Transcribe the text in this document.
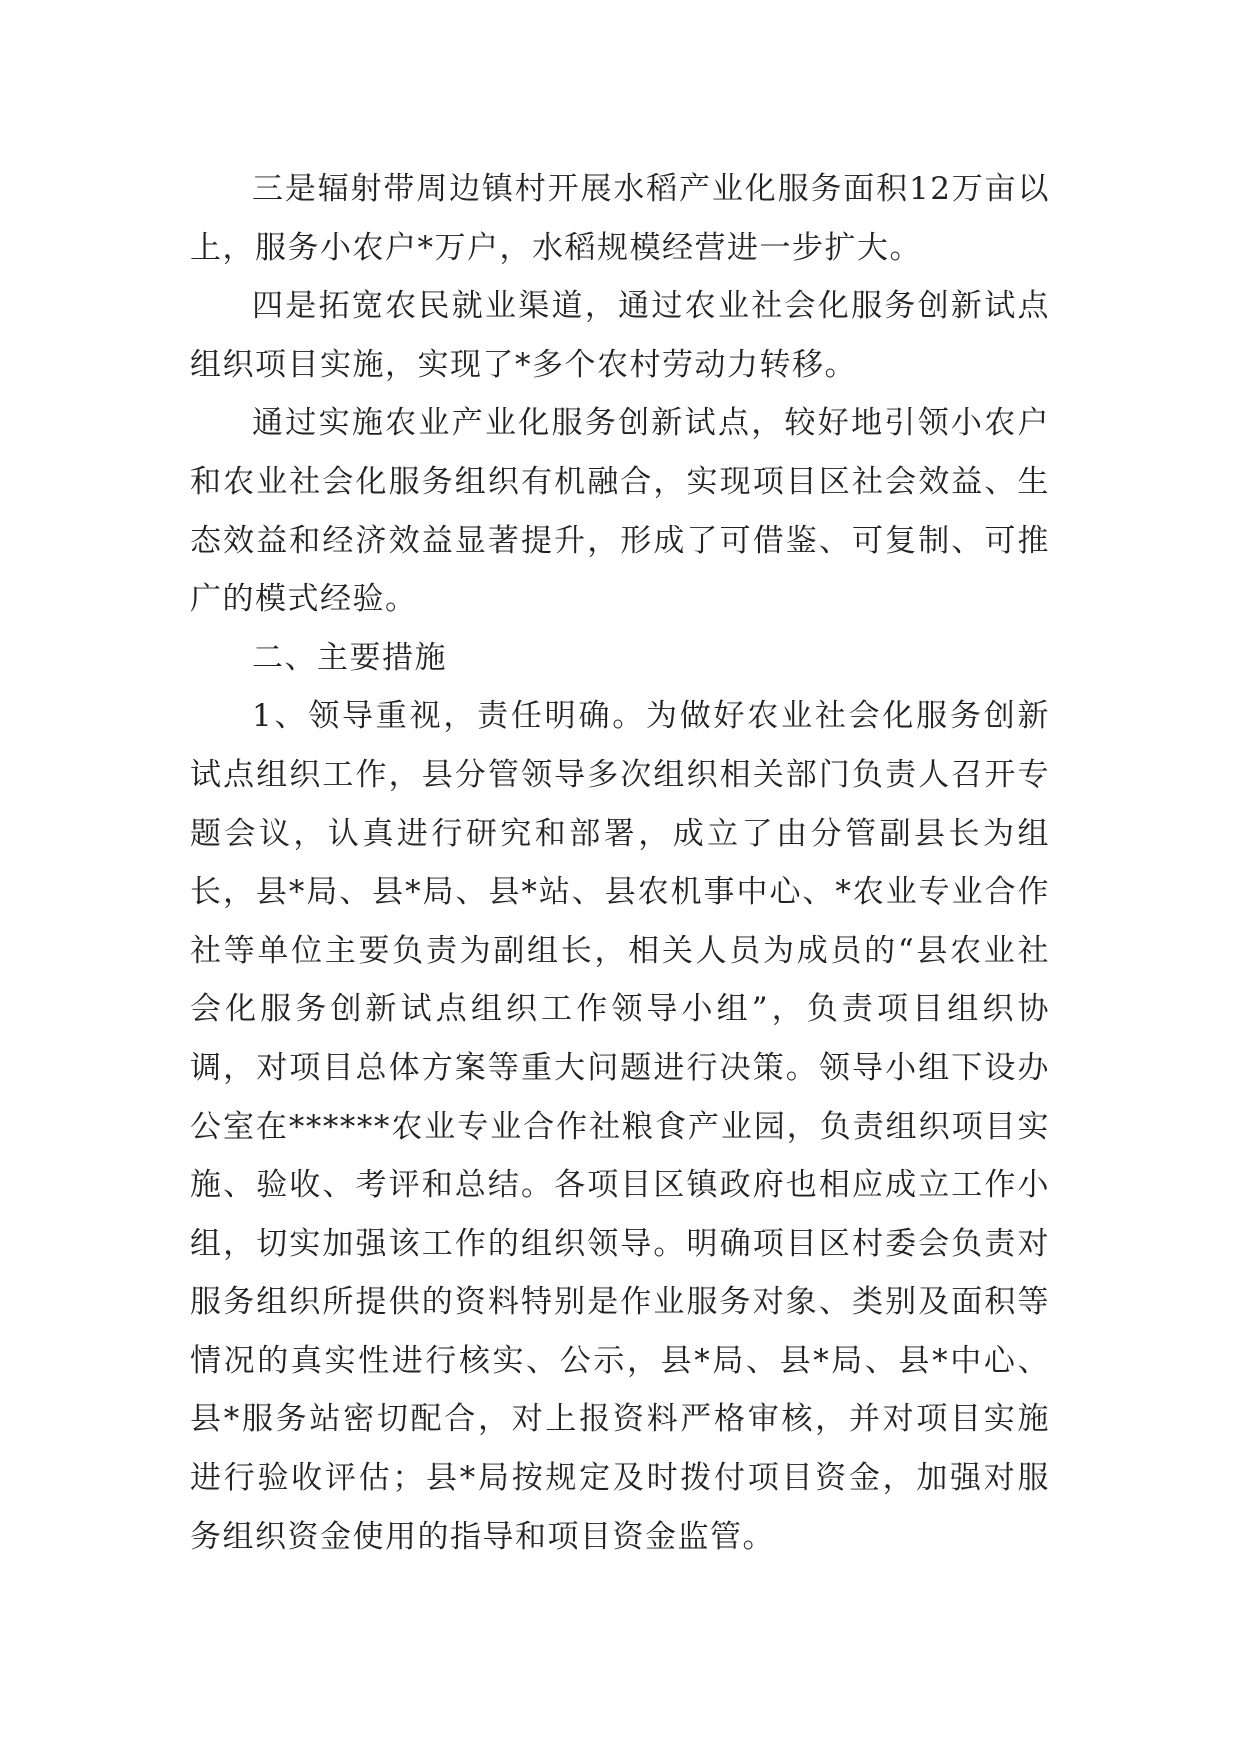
三是辐射带周边镇村开展水稻产业化服务面积12万亩以上，服务小农户*万户，水稻规模经营进一步扩大。

四是拓宽农民就业渠道，通过农业社会化服务创新试点组织项目实施，实现了*多个农村劳动力转移。

通过实施农业产业化服务创新试点，较好地引领小农户和农业社会化服务组织有机融合，实现项目区社会效益、生态效益和经济效益显著提升，形成了可借鉴、可复制、可推广的模式经验。

二、主要措施

1、领导重视，责任明确。为做好农业社会化服务创新试点组织工作，县分管领导多次组织相关部门负责人召开专题会议，认真进行研究和部署，成立了由分管副县长为组长，县*局、县*局、县*站、县农机事中心、*农业专业合作社等单位主要负责为副组长，相关人员为成员的“县农业社会化服务创新试点组织工作领导小组”，负责项目组织协调，对项目总体方案等重大问题进行决策。领导小组下设办公室在******农业专业合作社粮食产业园，负责组织项目实施、验收、考评和总结。各项目区镇政府也相应成立工作小组，切实加强该工作的组织领导。明确项目区村委会负责对服务组织所提供的资料特别是作业服务对象、类别及面积等情况的真实性进行核实、公示，县*局、县*局、县*中心、县*服务站密切配合，对上报资料严格审核，并对项目实施进行验收评估；县*局按规定及时拨付项目资金，加强对服务组织资金使用的指导和项目资金监管。
